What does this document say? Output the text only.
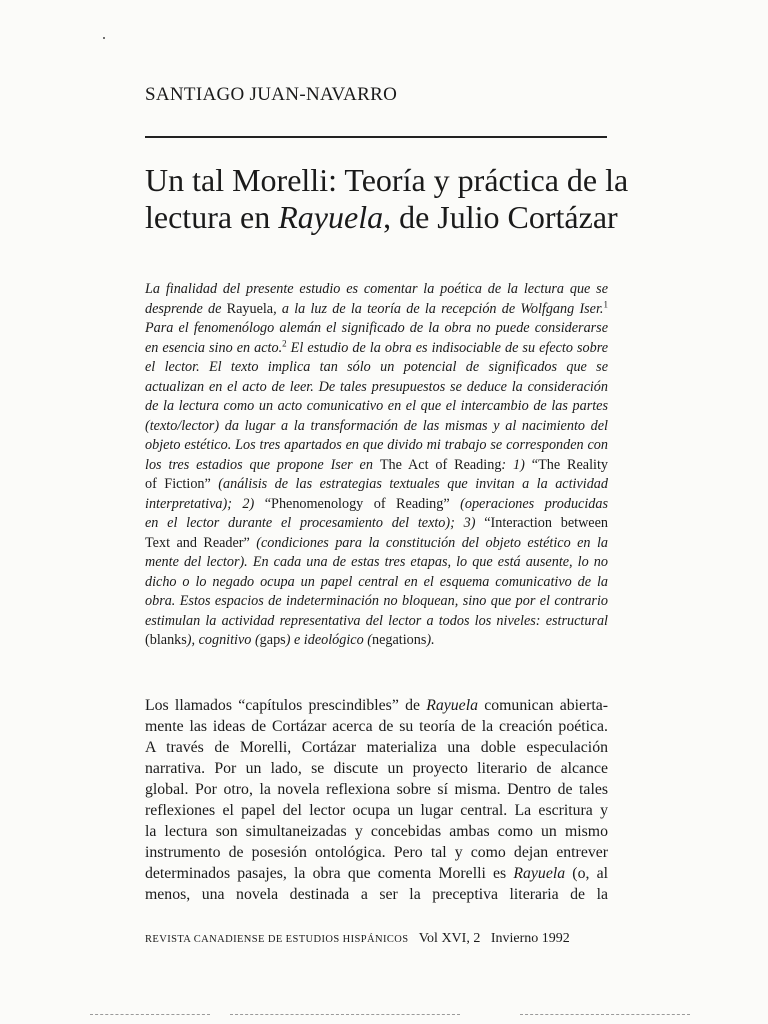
SANTIAGO JUAN-NAVARRO
Un tal Morelli: Teoría y práctica de la
lectura en Rayuela, de Julio Cortázar
La finalidad del presente estudio es comentar la poética de la lectura que se
desprende de Rayuela, a la luz de la teoría de la recepción de Wolfgang Iser.$^1$
Para el fenomenólogo alemán el significado de la obra no puede considerarse
en esencia sino en acto.$^2$ El estudio de la obra es indisociable de su efecto sobre
el lector. El texto implica tan sólo un potencial de significados que se
actualizan en el acto de leer. De tales presupuestos se deduce la consideración
de la lectura como un acto comunicativo en el que el intercambio de las partes
(texto/lector) da lugar a la transformación de las mismas y al nacimiento del
objeto estético. Los tres apartados en que divido mi trabajo se corresponden con
los tres estadios que propone Iser en The Act of Reading: 1) “The Reality
of Fiction” (análisis de las estrategias textuales que invitan a la actividad
interpretativa); 2) “Phenomenology of Reading” (operaciones producidas
en el lector durante el procesamiento del texto); 3) “Interaction between
Text and Reader” (condiciones para la constitución del objeto estético en la
mente del lector). En cada una de estas tres etapas, lo que está ausente, lo no
dicho o lo negado ocupa un papel central en el esquema comunicativo de la
obra. Estos espacios de indeterminación no bloquean, sino que por el contrario
estimulan la actividad representativa del lector a todos los niveles: estructural
(blanks), cognitivo (gaps) e ideológico (negations).
Los llamados “capítulos prescindibles” de Rayuela comunican abierta-
mente las ideas de Cortázar acerca de su teoría de la creación poética.
A través de Morelli, Cortázar materializa una doble especulación
narrativa. Por un lado, se discute un proyecto literario de alcance
global. Por otro, la novela reflexiona sobre sí misma. Dentro de tales
reflexiones el papel del lector ocupa un lugar central. La escritura y
la lectura son simultaneizadas y concebidas ambas como un mismo
instrumento de posesión ontológica. Pero tal y como dejan entrever
determinados pasajes, la obra que comenta Morelli es Rayuela (o, al
menos, una novela destinada a ser la preceptiva literaria de la
REVISTA CANADIENSE DE ESTUDIOS HISPÁNICOS Vol XVI, 2 Invierno 1992
